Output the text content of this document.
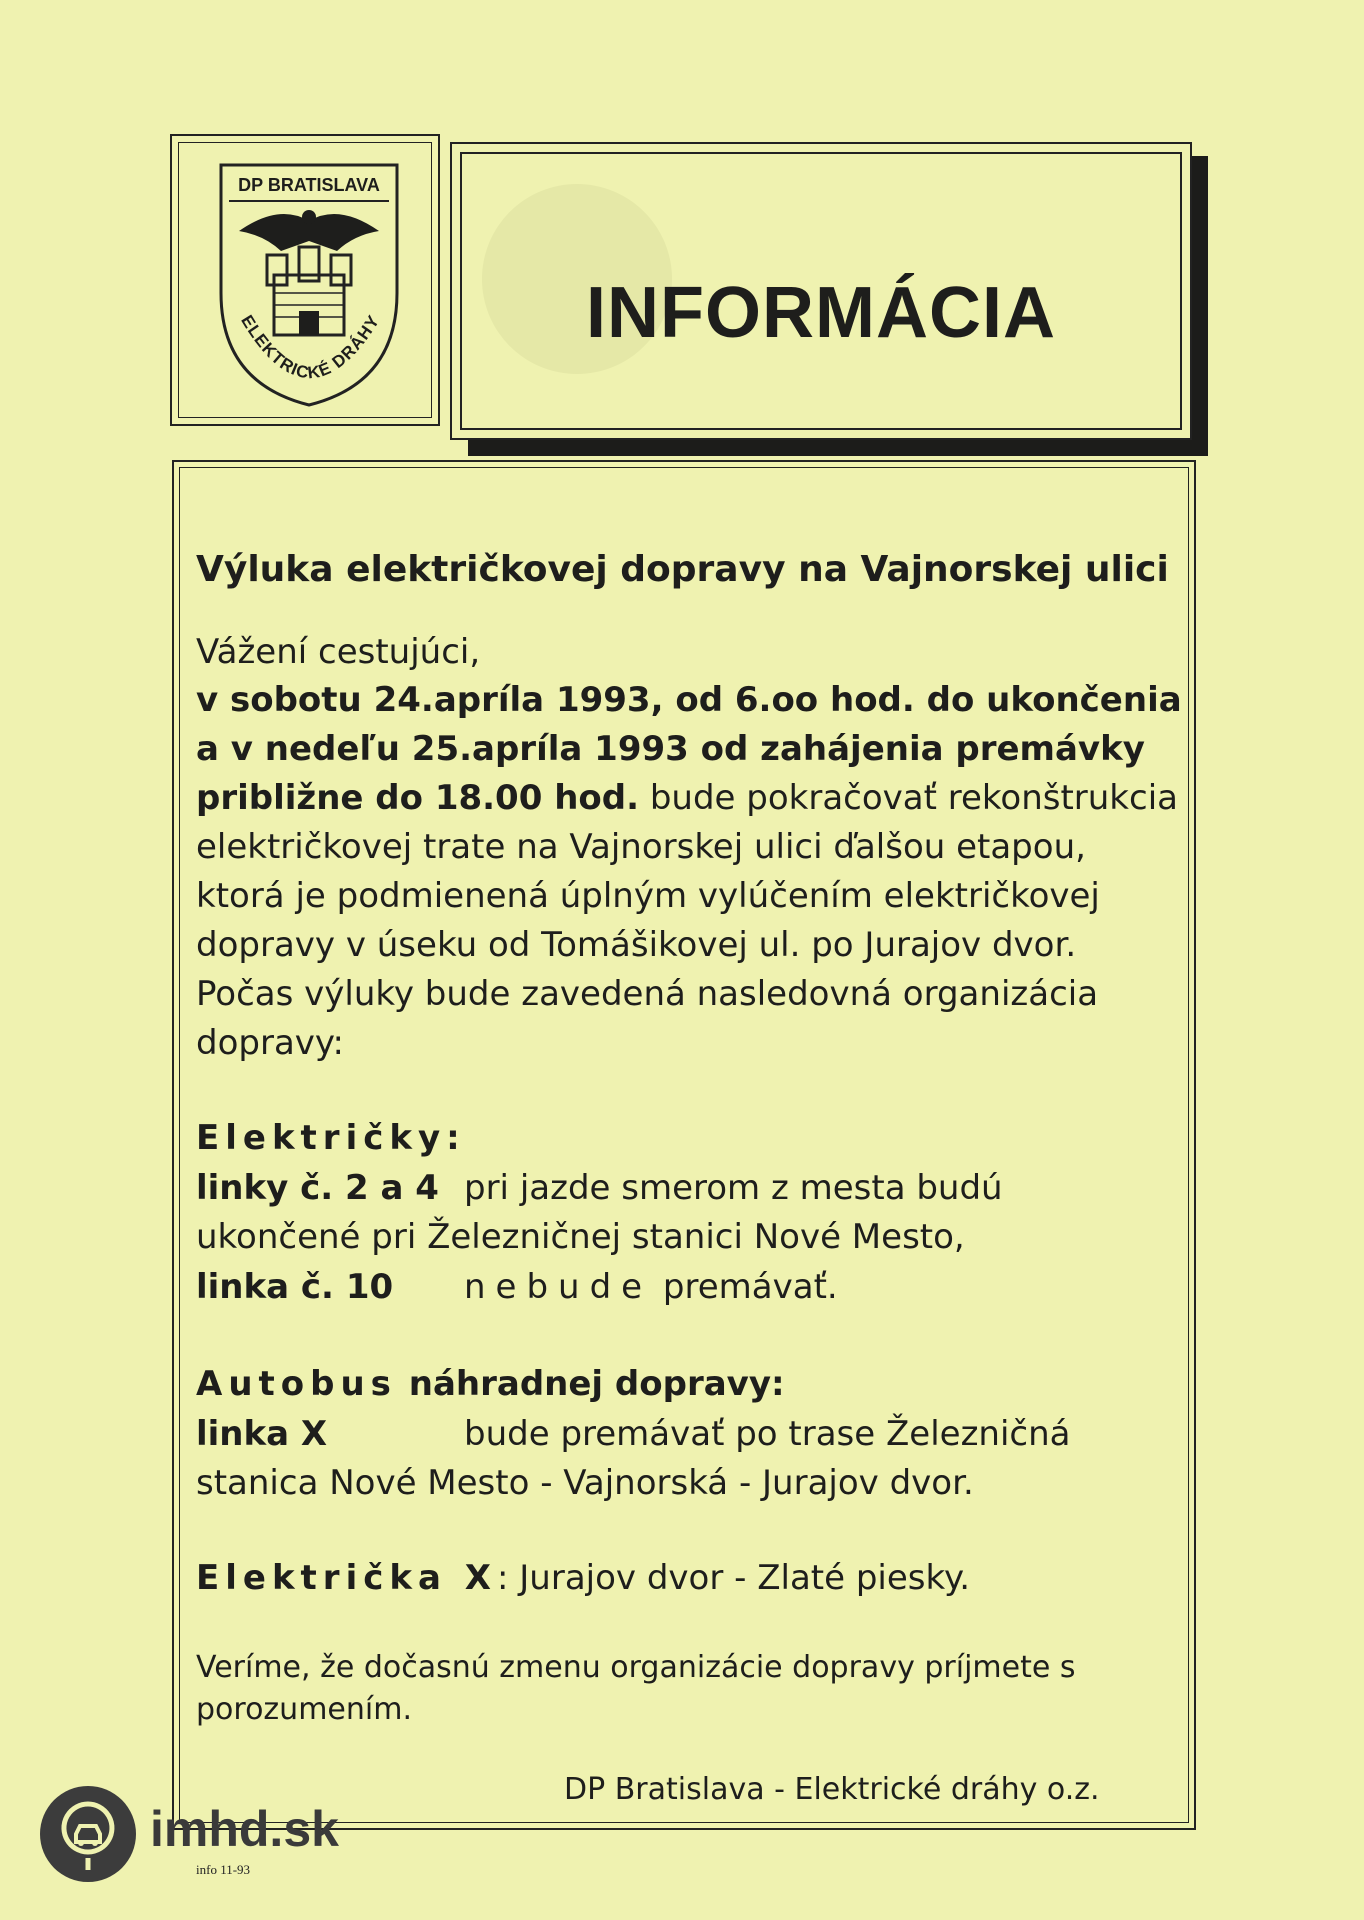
DP BRATISLAVA
ELEKTRICKÉ DRÁHY	INFORMÁCIA
Výluka električkovej dopravy na Vajnorskej ulici
Vážení cestujúci,
v sobotu 24.apríla 1993, od 6.oo hod. do ukončenia
a v nedeľu 25.apríla 1993 od zahájenia premávky
približne do 18.00 hod. bude pokračovať rekonštrukcia
električkovej trate na Vajnorskej ulici ďalšou etapou,
ktorá je podmienená úplným vylúčením električkovej
dopravy v úseku od Tomášikovej ul. po Jurajov dvor.
Počas výluky bude zavedená nasledovná organizácia
dopravy:
Električky:
linky č. 2 a 4 pri jazde smerom z mesta budú
ukončené pri Železničnej stanici Nové Mesto,
linka č. 10 nebude premávať.
Autobus náhradnej dopravy:
linka X	bude premávať po trase Železničná
stanica Nové Mesto - Vajnorská - Jurajov dvor.
Električka X: Jurajov dvor - Zlaté piesky.
Veríme, že dočasnú zmenu organizácie dopravy príjmete s
porozumením.
DP Bratislava - Elektrické dráhy o.z.
imhd.sk
info 11-93
